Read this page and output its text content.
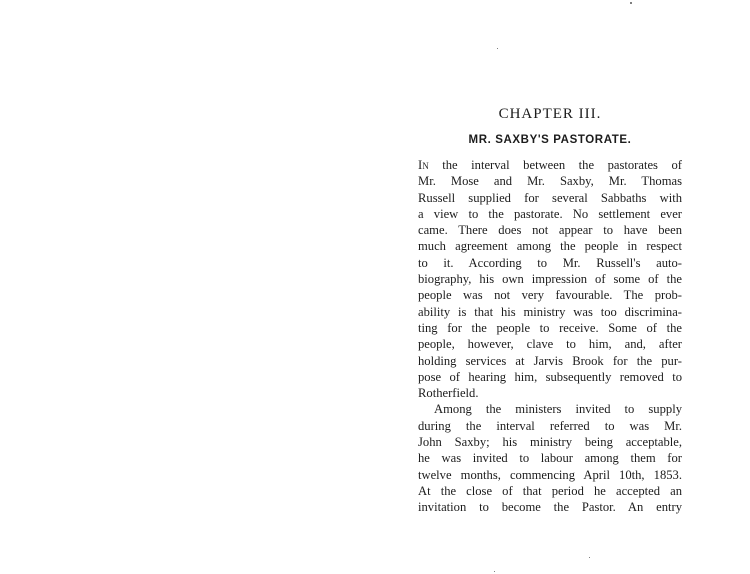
CHAPTER III.
MR. SAXBY'S PASTORATE.
In the interval between the pastorates of
Mr. Mose and Mr. Saxby, Mr. Thomas
Russell supplied for several Sabbaths with
a view to the pastorate. No settlement ever
came. There does not appear to have been
much agreement among the people in respect
to it. According to Mr. Russell's auto-
biography, his own impression of some of the
people was not very favourable. The prob-
ability is that his ministry was too discrimina-
ting for the people to receive. Some of the
people, however, clave to him, and, after
holding services at Jarvis Brook for the pur-
pose of hearing him, subsequently removed to
Rotherfield.
Among the ministers invited to supply
during the interval referred to was Mr.
John Saxby; his ministry being acceptable,
he was invited to labour among them for
twelve months, commencing April 10th, 1853.
At the close of that period he accepted an
invitation to become the Pastor. An entry
